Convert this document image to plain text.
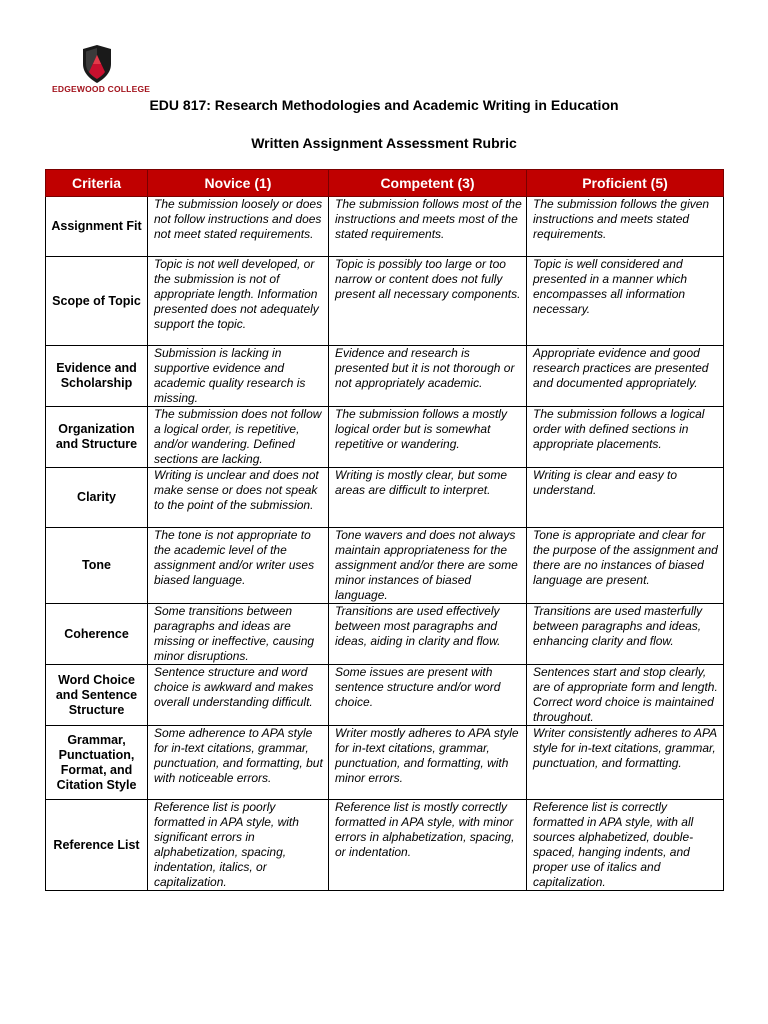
EDGEWOOD COLLEGE
EDU 817: Research Methodologies and Academic Writing in Education
Written Assignment Assessment Rubric
Criteria	Novice (1)	Competent (3)	Proficient (5)
Assignment Fit	The submission loosely or does not follow instructions and does not meet stated requirements.	The submission follows most of the instructions and meets most of the stated requirements.	The submission follows the given instructions and meets stated requirements.
Scope of Topic	Topic is not well developed, or the submission is not of appropriate length. Information presented does not adequately support the topic.	Topic is possibly too large or too narrow or content does not fully present all necessary components.	Topic is well considered and presented in a manner which encompasses all information necessary.
Evidence and Scholarship	Submission is lacking in supportive evidence and academic quality research is missing.	Evidence and research is presented but it is not thorough or not appropriately academic.	Appropriate evidence and good research practices are presented and documented appropriately.
Organization and Structure	The submission does not follow a logical order, is repetitive, and/or wandering. Defined sections are lacking.	The submission follows a mostly logical order but is somewhat repetitive or wandering.	The submission follows a logical order with defined sections in appropriate placements.
Clarity	Writing is unclear and does not make sense or does not speak to the point of the submission.	Writing is mostly clear, but some areas are difficult to interpret.	Writing is clear and easy to understand.
Tone	The tone is not appropriate to the academic level of the assignment and/or writer uses biased language.	Tone wavers and does not always maintain appropriateness for the assignment and/or there are some minor instances of biased language.	Tone is appropriate and clear for the purpose of the assignment and there are no instances of biased language are present.
Coherence	Some transitions between paragraphs and ideas are missing or ineffective, causing minor disruptions.	Transitions are used effectively between most paragraphs and ideas, aiding in clarity and flow.	Transitions are used masterfully between paragraphs and ideas, enhancing clarity and flow.
Word Choice and Sentence Structure	Sentence structure and word choice is awkward and makes overall understanding difficult.	Some issues are present with sentence structure and/or word choice.	Sentences start and stop clearly, are of appropriate form and length. Correct word choice is maintained throughout.
Grammar, Punctuation, Format, and Citation Style	Some adherence to APA style for in-text citations, grammar, punctuation, and formatting, but with noticeable errors.	Writer mostly adheres to APA style for in-text citations, grammar, punctuation, and formatting, with minor errors.	Writer consistently adheres to APA style for in-text citations, grammar, punctuation, and formatting.
Reference List	Reference list is poorly formatted in APA style, with significant errors in alphabetization, spacing, indentation, italics, or capitalization.	Reference list is mostly correctly formatted in APA style, with minor errors in alphabetization, spacing, or indentation.	Reference list is correctly formatted in APA style, with all sources alphabetized, double-spaced, hanging indents, and proper use of italics and capitalization.
